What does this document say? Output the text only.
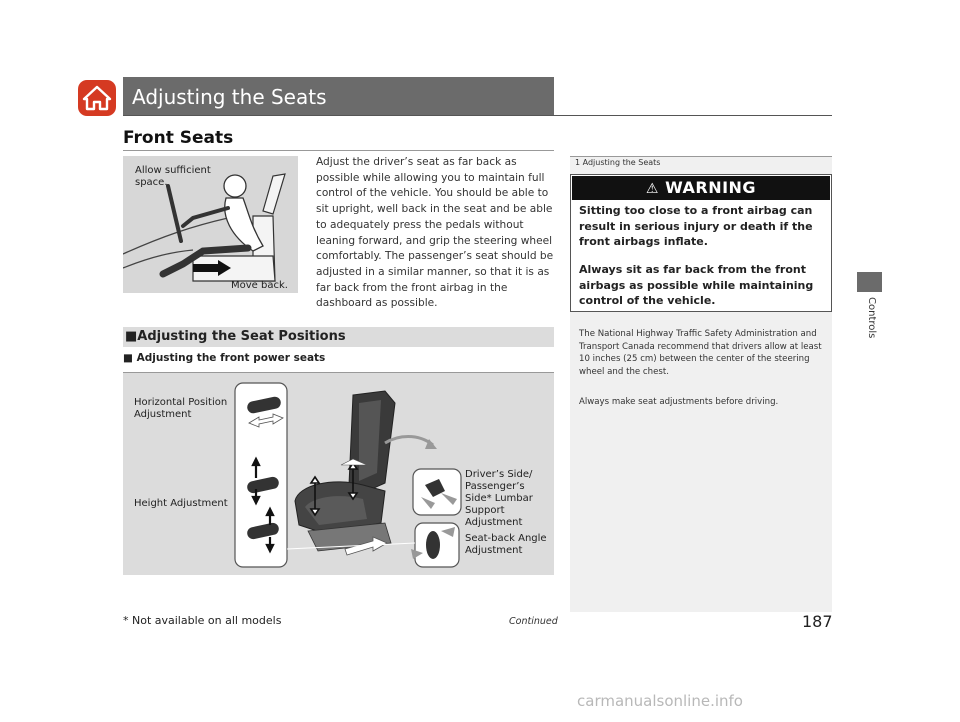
Adjusting the Seats
Front Seats
Controls
Allow sufficient space.
Move back.
Adjust the driver’s seat as far back as possible while allowing you to maintain full control of the vehicle. You should be able to sit upright, well back in the seat and be able to adequately press the pedals without leaning forward, and grip the steering wheel comfortably. The passenger’s seat should be adjusted in a similar manner, so that it is as far back from the front airbag in the dashboard as possible.
■Adjusting the Seat Positions
■ Adjusting the front power seats
Horizontal Position Adjustment
Height Adjustment
Driver’s Side/ Passenger’s Side* Lumbar Support Adjustment
Seat-back Angle Adjustment
1 Adjusting the Seats
⚠ WARNING
Sitting too close to a front airbag can result in serious injury or death if the front airbags inflate.
Always sit as far back from the front airbags as possible while maintaining control of the vehicle.
The National Highway Traffic Safety Administration and Transport Canada recommend that drivers allow at least 10 inches (25 cm) between the center of the steering wheel and the chest.
Always make seat adjustments before driving.
* Not available on all models	Continued	187
carmanualsonline.info
